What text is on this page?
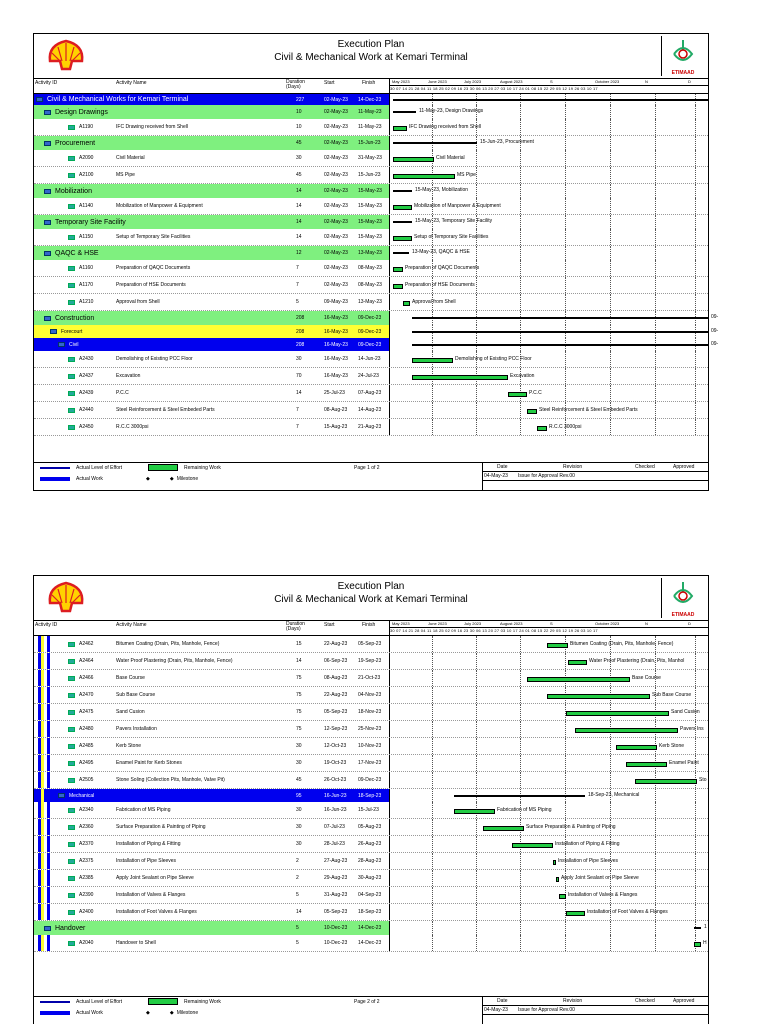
Execution Plan
Civil & Mechanical Work at Kemari Terminal
ETIMAAD
Activity ID	Activity Name	Duration (Days)
Start	Finish	May 2023	June 2023	July 2023	August 2023	S	October 2023	N	D
30 07 14 21 28 04 11 18 25 02 09 16 23 30 06 13 20 27 03 10 17 24 01 08 15 22 29 05 12 19 26 03 10 17
Civil & Mechanical Works for Kemari Terminal	227	02-May-23 14-Dec-23
Design Drawings	10	02-May-23 11-May-23	11-May-23, Design Drawings
A1190	IFC Drawing received from Shell	10	02-May-23 11-May-23	IFC Drawing received from Shell
Procurement	45	02-May-23 15-Jun-23	15-Jun-23, Procurement
A2090	Civil Material	30	02-May-23 31-May-23	Civil Material
A2100	MS Pipe	45	02-May-23 15-Jun-23	MS Pipe
Mobilization	14	02-May-23 15-May-23	15-May-23, Mobilization
A1140	Mobilization of Manpower & Equipment	14	02-May-23 15-May-23	Mobilization of Manpower & Equipment
Temporary Site Facility	14	02-May-23 15-May-23	15-May-23, Temporary Site Facility
A1150	Setup of Temporary Site Facilities	14	02-May-23 15-May-23	Setup of Temporary Site Facilities
QAQC & HSE	12	02-May-23 13-May-23	13-May-23, QAQC & HSE
A1160	Preparation of QAQC Documents	7	02-May-23 08-May-23	Preparation of QAQC Documents
A1170	Preparation of HSE Documents	7	02-May-23 08-May-23	Preparation of HSE Documents
A1210	Approval from Shell	5	09-May-23 13-May-23	Approval from Shell
Construction	208	16-May-23 09-Dec-23	09-
Forecourt	208	16-May-23 09-Dec-23	09-
Civil	208	16-May-23 09-Dec-23	09-
A2430	Demolishing of Existing PCC Floor	30	16-May-23 14-Jun-23	Demolishing of Existing PCC Floor
A2437	Excavation	70	16-May-23 24-Jul-23	Excavation
A2439	P.C.C	14	25-Jul-23	07-Aug-23	P.C.C
A2440	Steel Reinforcement & Steel Embeded Parts	7	08-Aug-23 14-Aug-23	Steel Reinforcement & Steel Embeded Parts
A2450	R.C.C 3000psi	7	15-Aug-23 21-Aug-23	R.C.C 3000psi
Actual Level of Effort
Actual Work
Remaining Work
◆	◆ Milestone
Page 1 of 2	Date	Revision	Checked	Approved
04-May-23 Issue for Approval Rev.00
Execution Plan
Civil & Mechanical Work at Kemari Terminal
ETIMAAD
Activity ID	Activity Name	Duration (Days)
Start	Finish	May 2023	June 2023	July 2023	August 2023	S	October 2023	N	D
30 07 14 21 28 04 11 18 25 02 09 16 23 30 06 13 20 27 03 10 17 24 01 08 15 22 29 05 12 19 26 03 10 17
A2462	Bitumen Coating (Drain, Pits, Manhole, Fence)	15	22-Aug-23 05-Sep-23	Bitumen Coating (Drain, Pits, Manhole, Fence)
A2464	Water Proof Plastering (Drain, Pits, Manhole, Fence)	14	06-Sep-23 19-Sep-23	Water Proof Plastering (Drain, Pits, Manhol
A2466	Base Course	75	08-Aug-23 21-Oct-23	Base Course
A2470	Sub Base Course	75	22-Aug-23 04-Nov-23	Sub Base Course
A2475	Sand Cusion	75	05-Sep-23 18-Nov-23	Sand Cusion
A2480	Pavers Installation	75	12-Sep-23 25-Nov-23	Pavers Ins
A2485	Kerb Stone	30	12-Oct-23 10-Nov-23	Kerb Stone
A2495	Enamel Paint for Kerb Stones	30	19-Oct-23 17-Nov-23	Enamel Paint
A2505	Stone Soling (Collection Pits, Manhole, Valve Pit)	45	26-Oct-23 09-Dec-23	Sto
Mechanical	95	16-Jun-23 18-Sep-23	18-Sep-23, Mechanical
A2340	Fabrication of MS Piping	30	16-Jun-23 15-Jul-23	Fabrication of MS Piping
A2360	Surface Preparation & Painting of Piping	30	07-Jul-23	05-Aug-23	Surface Preparation & Painting of Piping
A2370	Installation of Piping & Fitting	30	28-Jul-23	26-Aug-23	Installation of Piping & Fitting
A2375	Installation of Pipe Sleeves	2	27-Aug-23 28-Aug-23	Installation of Pipe Sleeves
A2385	Apply Joint Sealant on Pipe Sleeve	2	29-Aug-23 30-Aug-23	Apply Joint Sealant on Pipe Sleeve
A2390	Installation of Valves & Flanges	5	31-Aug-23 04-Sep-23	Installation of Valves & Flanges
A2400	Installation of Foot Valves & Flanges	14	05-Sep-23 18-Sep-23	Installation of Foot Valves & Flanges
Handover	5	10-Dec-23 14-Dec-23	1
A2040	Handover to Shell	5	10-Dec-23 14-Dec-23	H
Actual Level of Effort
Actual Work
Remaining Work
◆	◆ Milestone
Page 2 of 2	Date	Revision	Checked	Approved
04-May-23 Issue for Approval Rev.00
